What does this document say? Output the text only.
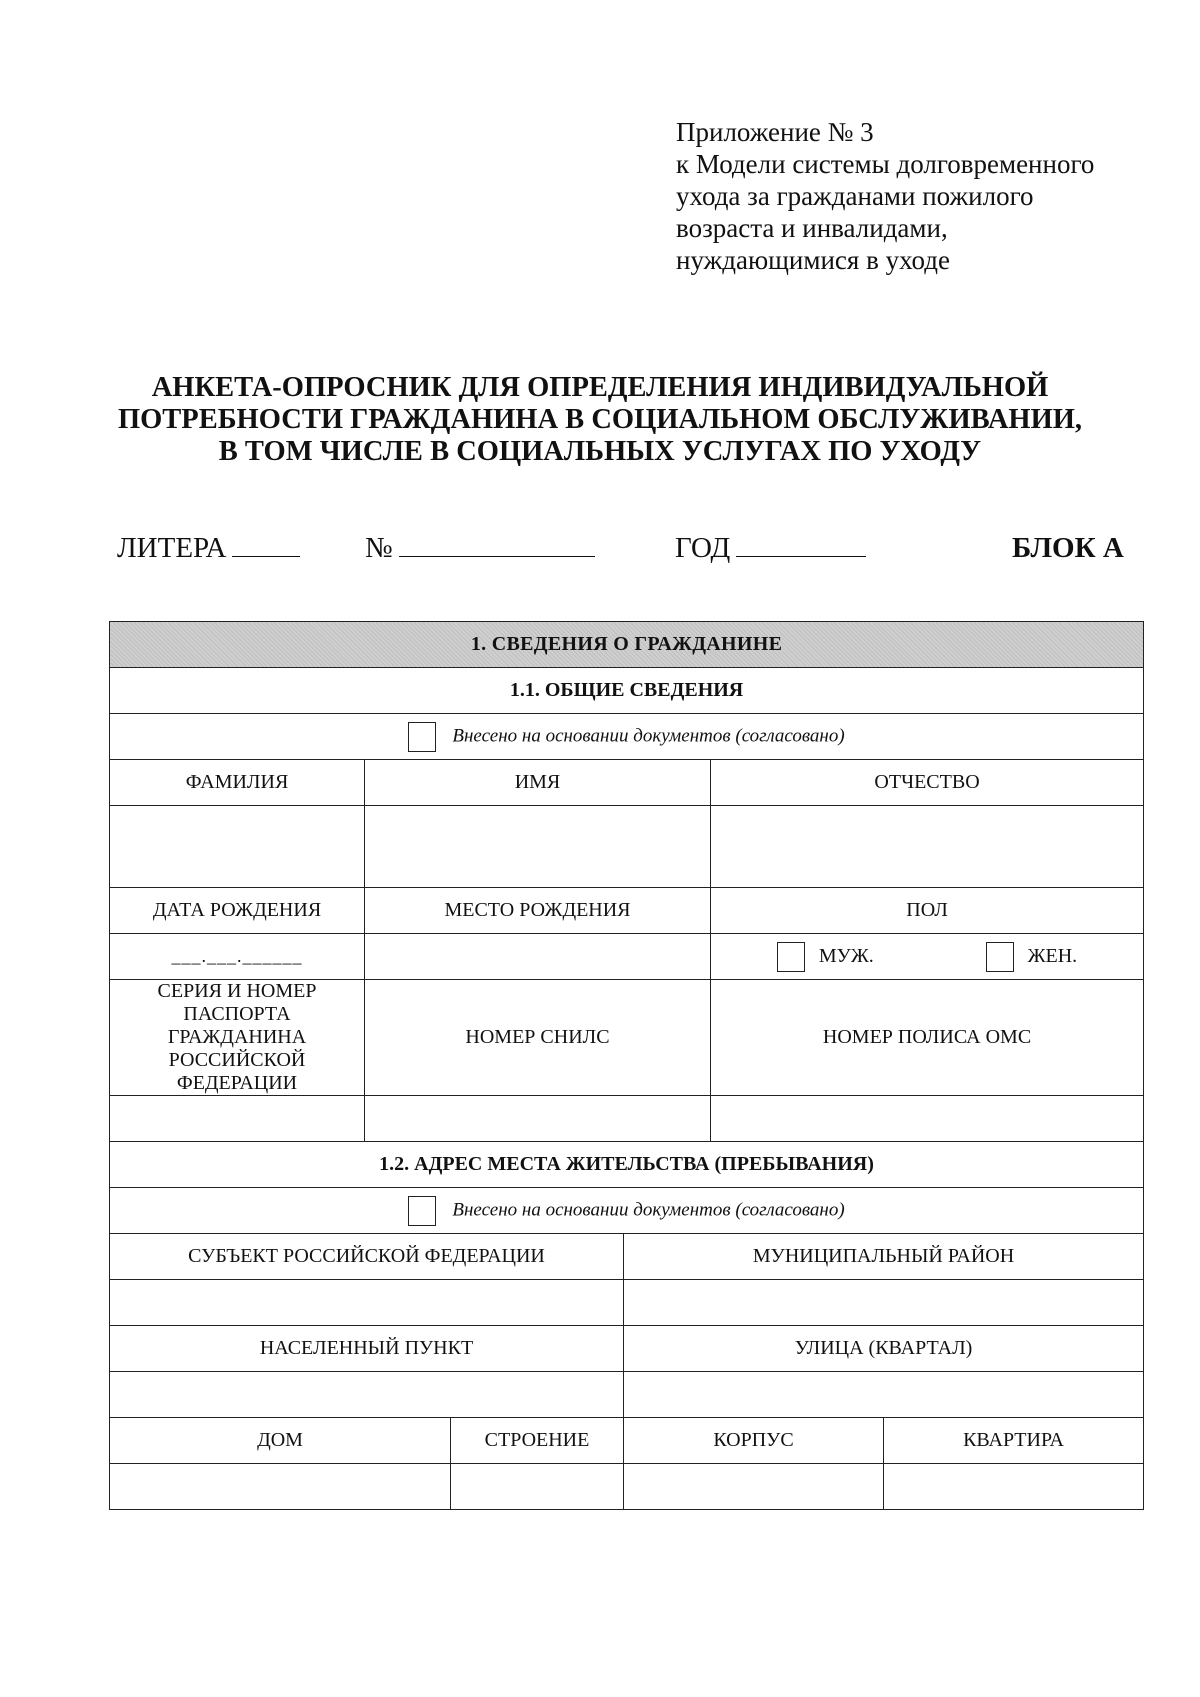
Приложение № 3
к Модели системы долговременного
ухода за гражданами пожилого
возраста и инвалидами,
нуждающимися в уходе
АНКЕТА-ОПРОСНИК ДЛЯ ОПРЕДЕЛЕНИЯ ИНДИВИДУАЛЬНОЙ
ПОТРЕБНОСТИ ГРАЖДАНИНА В СОЦИАЛЬНОМ ОБСЛУЖИВАНИИ,
В ТОМ ЧИСЛЕ В СОЦИАЛЬНЫХ УСЛУГАХ ПО УХОДУ
ЛИТЕРА	№	ГОД	БЛОК А
1. СВЕДЕНИЯ О ГРАЖДАНИНЕ					
1.1. ОБЩИЕ СВЕДЕНИЯ					
Внесено на основании документов (согласовано)					
ФАМИЛИЯ	ИМЯ			ОТЧЕСТВО	

ДАТА РОЖДЕНИЯ	МЕСТО РОЖДЕНИЯ			ПОЛ	
___.___.______				МУЖ. ЖЕН.	

СЕРИЯ И НОМЕР ПАСПОРТА ГРАЖДАНИНА РОССИЙСКОЙ ФЕДЕРАЦИИ	НОМЕР СНИЛС			НОМЕР ПОЛИСА ОМС	

1.2. АДРЕС МЕСТА ЖИТЕЛЬСТВА (ПРЕБЫВАНИЯ)					
Внесено на основании документов (согласовано)					
СУБЪЕКТ РОССИЙСКОЙ ФЕДЕРАЦИИ			МУНИЦИПАЛЬНЫЙ РАЙОН		

НАСЕЛЕННЫЙ ПУНКТ			УЛИЦА (КВАРТАЛ)		

ДОМ		СТРОЕНИЕ	КОРПУС		КВАРТИРА
